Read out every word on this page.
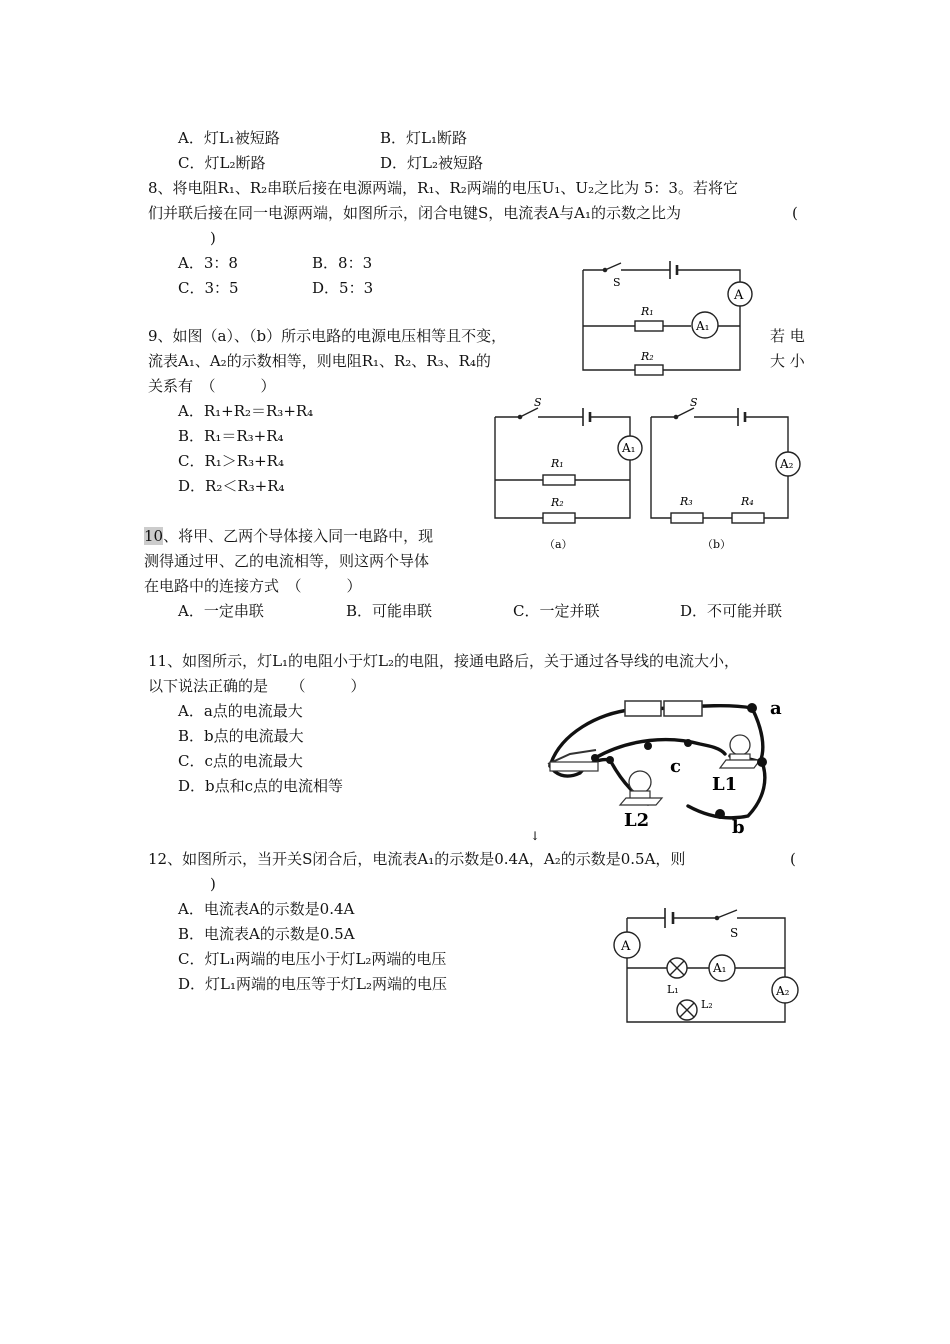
A．灯L₁被短路	B．灯L₁断路
C．灯L₂断路	D．灯L₂被短路
8、将电阻R₁、R₂串联后接在电源两端，R₁、R₂两端的电压U₁、U₂之比为 5：3。若将它
们并联后接在同一电源两端，如图所示，闭合电键S，电流表A与A₁的示数之比为	(
)
A．3：8	B．8：3
C．3：5	D．5：3	S
A
R₁
A₁
R₂
9、如图（a）、（b）所示电路的电源电压相等且不变，	若 电
流表A₁、A₂的示数相等，则电阻R₁、R₂、R₃、R₄的	大 小
关系有　（　　　）
A．R₁+R₂＝R₃+R₄
B．R₁＝R₃+R₄
C．R₁＞R₃+R₄
D．R₂＜R₃+R₄
S
A₁
R₁
R₂
（a）
S
A₂
R₃	R₄
（b）
10、将甲、乙两个导体接入同一电路中，现
测得通过甲、乙的电流相等，则这两个导体
在电路中的连接方式　（　　　）
A．一定串联	B．可能串联	C．一定并联	D．不可能并联
11、如图所示，灯L₁的电阻小于灯L₂的电阻，接通电路后，关于通过各导线的电流大小，
以下说法正确的是　　（　　　）
A．a点的电流最大
B．b点的电流最大
C．c点的电流最大
D．b点和c点的电流相等
a
c
L1
L2	b
↓
12、如图所示，当开关S闭合后，电流表A₁的示数是0.4A，A₂的示数是0.5A，则	(
)
A．电流表A的示数是0.4A
B．电流表A的示数是0.5A
C．灯L₁两端的电压小于灯L₂两端的电压
D．灯L₁两端的电压等于灯L₂两端的电压
A
S
A₁
A₂
L₁
L₂
